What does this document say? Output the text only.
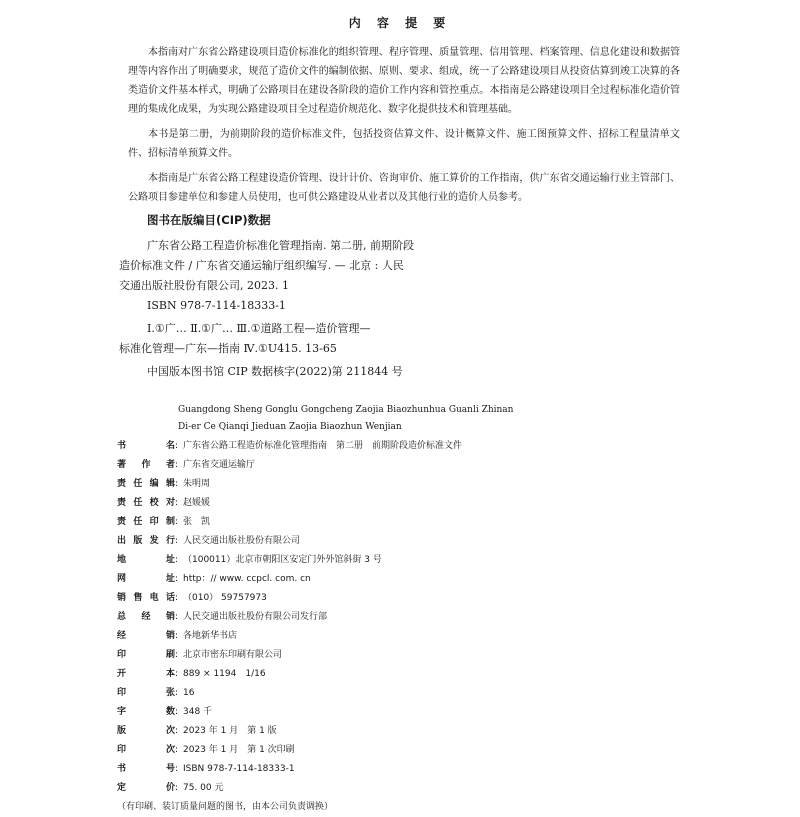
内 容 提 要

本指南对广东省公路建设项目造价标准化的组织管理、程序管理、质量管理、信用管理、档案管理、信息化建设和数据管理等内容作出了明确要求，规范了造价文件的编制依据、原则、要求、组成，统一了公路建设项目从投资估算到竣工决算的各类造价文件基本样式，明确了公路项目在建设各阶段的造价工作内容和管控重点。本指南是公路建设项目全过程标准化造价管理的集成化成果，为实现公路建设项目全过程造价规范化、数字化提供技术和管理基础。

本书是第二册，为前期阶段的造价标准文件，包括投资估算文件、设计概算文件、施工图预算文件、招标工程量清单文件、招标清单预算文件。

本指南是广东省公路工程建设造价管理、设计计价、咨询审价、施工算价的工作指南，供广东省交通运输行业主管部门、公路项目参建单位和参建人员使用，也可供公路建设从业者以及其他行业的造价人员参考。

图书在版编目(CIP)数据
广东省公路工程造价标准化管理指南. 第二册, 前期阶段
造价标准文件 / 广东省交通运输厅组织编写. — 北京 : 人民
交通出版社股份有限公司, 2023. 1
ISBN 978-7-114-18333-1
Ⅰ.①广… Ⅱ.①广… Ⅲ.①道路工程—造价管理—
标准化管理—广东—指南 Ⅳ.①U415. 13-65
中国版本图书馆 CIP 数据核字(2022)第 211844 号
Guangdong Sheng Gonglu Gongcheng Zaojia Biaozhunhua Guanli Zhinan
Di-er Ce Qianqi Jieduan Zaojia Biaozhun Wenjian
书　　名 : 广东省公路工程造价标准化管理指南　第二册　前期阶段造价标准文件
著 作 者 : 广东省交通运输厅
责任编辑 : 朱明周
责任校对 : 赵媛媛
责任印制 : 张　凯
出版发行 : 人民交通出版社股份有限公司
地　　址 : （100011）北京市朝阳区安定门外外馆斜街 3 号
网　　址 : http：// www. ccpcl. com. cn
销售电话 : （010） 59757973
总 经 销 : 人民交通出版社股份有限公司发行部
经　　销 : 各地新华书店
印　　刷 : 北京市密东印刷有限公司
开　　本 : 889 × 1194　1/16
印　　张 : 16
字　　数 : 348 千
版　　次 : 2023 年 1 月　第 1 版
印　　次 : 2023 年 1 月　第 1 次印刷
书　　号 : ISBN 978-7-114-18333-1
定　　价 : 75. 00 元
（有印刷、装订质量问题的图书，由本公司负责调换）
